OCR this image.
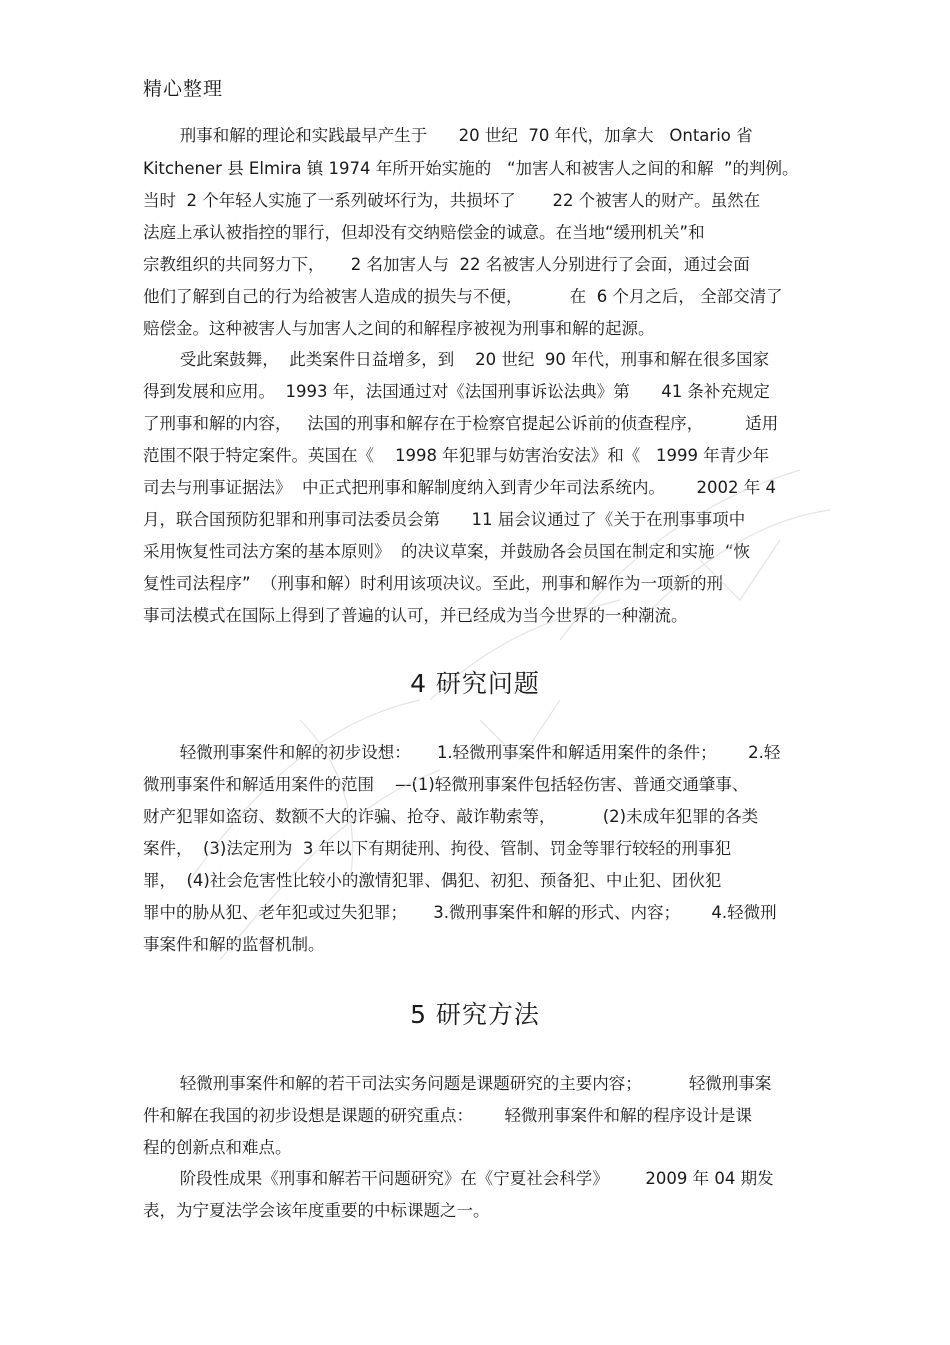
精心整理
刑事和解的理论和实践最早产生于      20 世纪  70 年代，加拿大   Ontario 省
Kitchener 县 Elmira 镇 1974 年所开始实施的   “加害人和被害人之间的和解  ”的判例。
当时  2 个年轻人实施了一系列破坏行为，共损坏了       22 个被害人的财产。虽然在
法庭上承认被指控的罪行，但却没有交纳赔偿金的诚意。在当地“缓刑机关”和
宗教组织的共同努力下，     2 名加害人与  22 名被害人分别进行了会面，通过会面
他们了解到自己的行为给被害人造成的损失与不便，         在  6 个月之后， 全部交清了
赔偿金。这种被害人与加害人之间的和解程序被视为刑事和解的起源。
受此案鼓舞，  此类案件日益增多，到    20 世纪  90 年代，刑事和解在很多国家
得到发展和应用。  1993 年，法国通过对《法国刑事诉讼法典》第      41 条补充规定
了刑事和解的内容，   法国的刑事和解存在于检察官提起公诉前的侦查程序，        适用
范围不限于特定案件。英国在《    1998 年犯罪与妨害治安法》和《   1999 年青少年
司去与刑事证据法》  中正式把刑事和解制度纳入到青少年司法系统内。      2002 年 4
月，联合国预防犯罪和刑事司法委员会第      11 届会议通过了《关于在刑事事项中
采用恢复性司法方案的基本原则》  的决议草案，并鼓励各会员国在制定和实施  “恢
复性司法程序”  （刑事和解）时利用该项决议。至此，刑事和解作为一项新的刑
事司法模式在国际上得到了普遍的认可，并已经成为当今世界的一种潮流。
4 研究问题
轻微刑事案件和解的初步设想：     1.轻微刑事案件和解适用案件的条件；      2.轻
微刑事案件和解适用案件的范围    —(1)轻微刑事案件包括轻伤害、普通交通肇事、
财产犯罪如盗窃、数额不大的诈骗、抢夺、敲诈勒索等，         (2)未成年犯罪的各类
案件，  (3)法定刑为  3 年以下有期徒刑、拘役、管制、罚金等罪行较轻的刑事犯
罪，  (4)社会危害性比较小的激情犯罪、偶犯、初犯、预备犯、中止犯、团伙犯
罪中的胁从犯、老年犯或过失犯罪；     3.微刑事案件和解的形式、内容；      4.轻微刑
事案件和解的监督机制。
5 研究方法
轻微刑事案件和解的若干司法实务问题是课题研究的主要内容；         轻微刑事案
件和解在我国的初步设想是课题的研究重点：      轻微刑事案件和解的程序设计是课
程的创新点和难点。
阶段性成果《刑事和解若干问题研究》在《宁夏社会科学》       2009 年 04 期发
表，为宁夏法学会该年度重要的中标课题之一。
